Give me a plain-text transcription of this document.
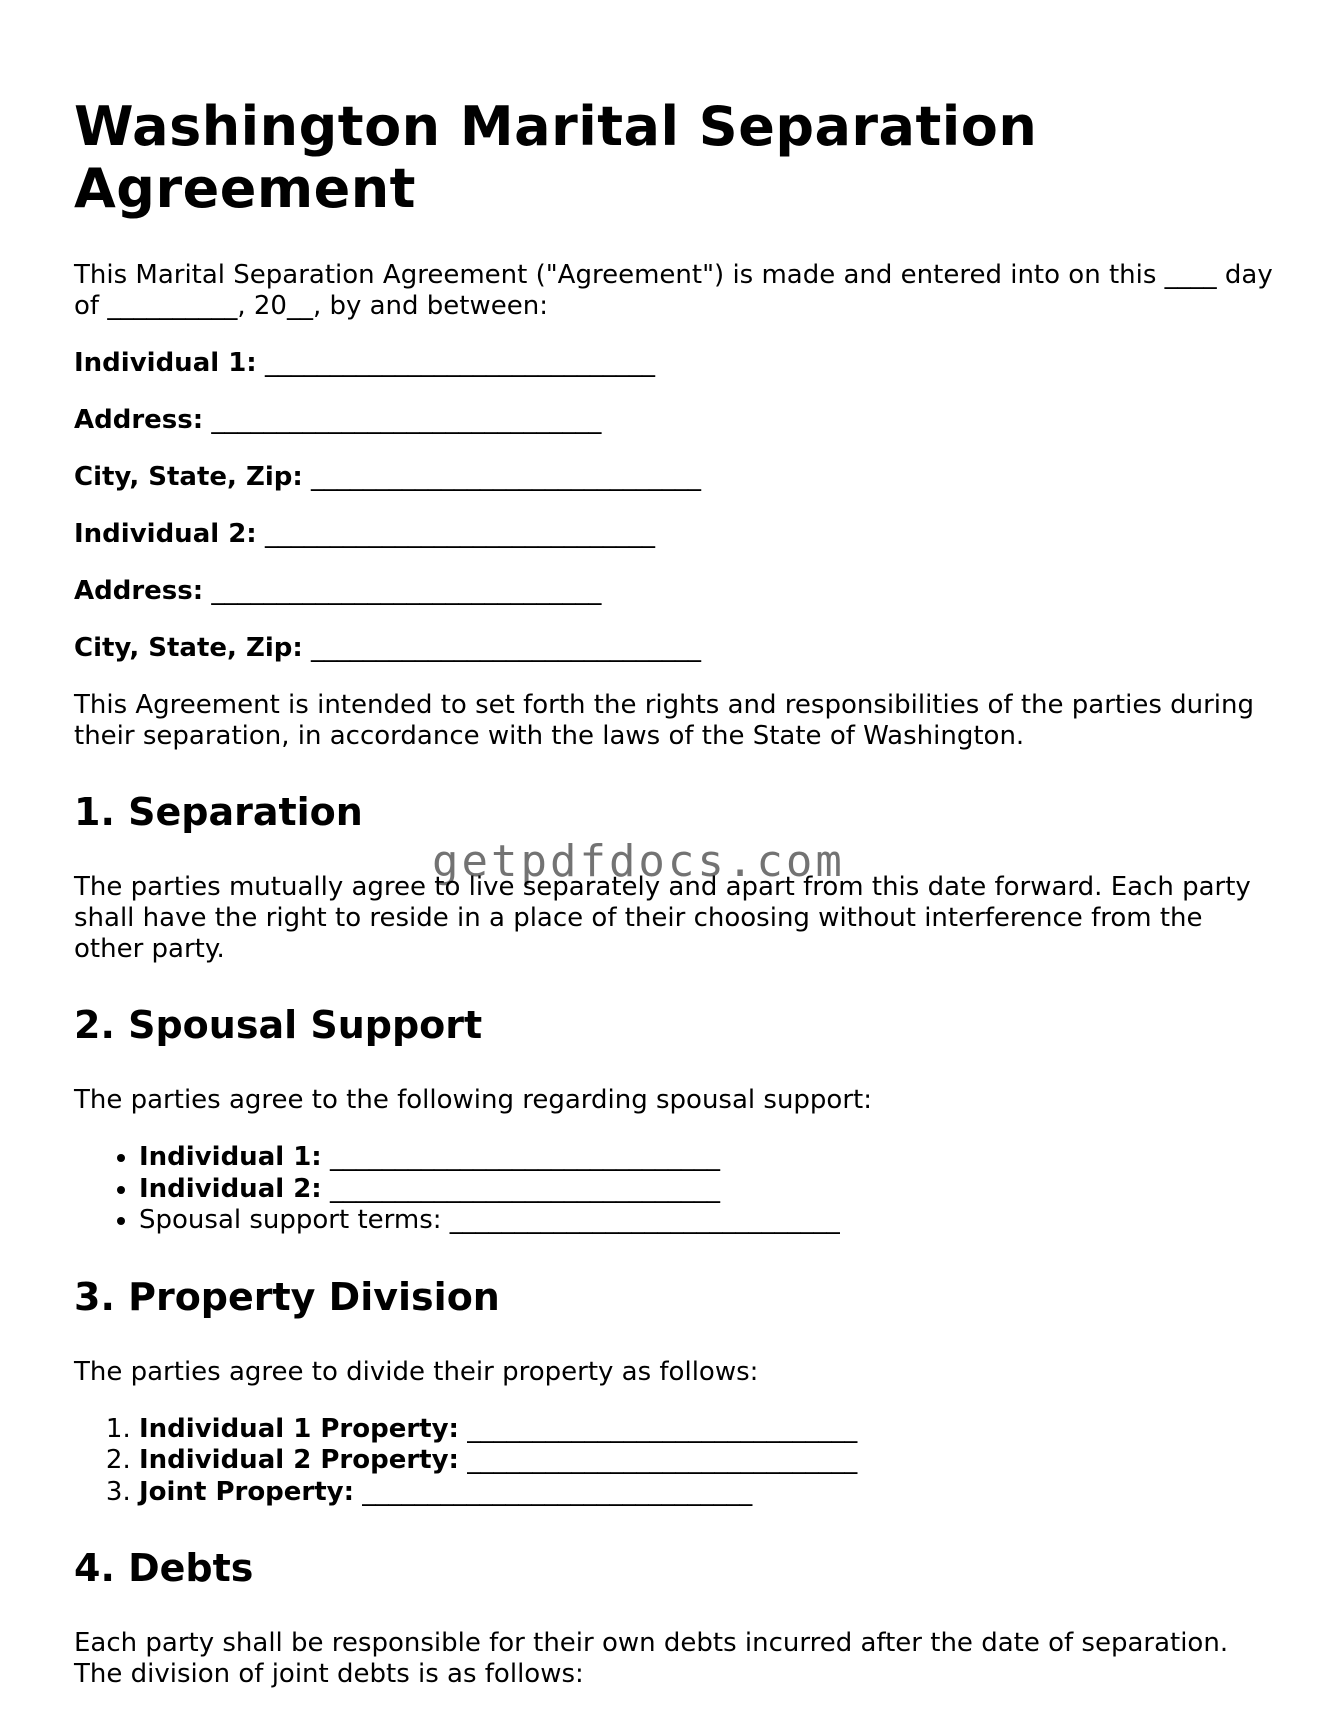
Washington Marital Separation Agreement

This Marital Separation Agreement ("Agreement") is made and entered into on this ____ day of __________, 20__, by and between:

Individual 1: ______________________________
Address: ______________________________
City, State, Zip: ______________________________
Individual 2: ______________________________
Address: ______________________________
City, State, Zip: ______________________________

This Agreement is intended to set forth the rights and responsibilities of the parties during their separation, in accordance with the laws of the State of Washington.

1. Separation

The parties mutually agree to live separately and apart from this date forward. Each party shall have the right to reside in a place of their choosing without interference from the other party.

2. Spousal Support

The parties agree to the following regarding spousal support:

• Individual 1: ______________________________
• Individual 2: ______________________________
• Spousal support terms: ______________________________
3. Property Division

The parties agree to divide their property as follows:

1. Individual 1 Property: ______________________________
2. Individual 2 Property: ______________________________
3. Joint Property: ______________________________
4. Debts

Each party shall be responsible for their own debts incurred after the date of separation. The division of joint debts is as follows:

getpdfdocs.com
